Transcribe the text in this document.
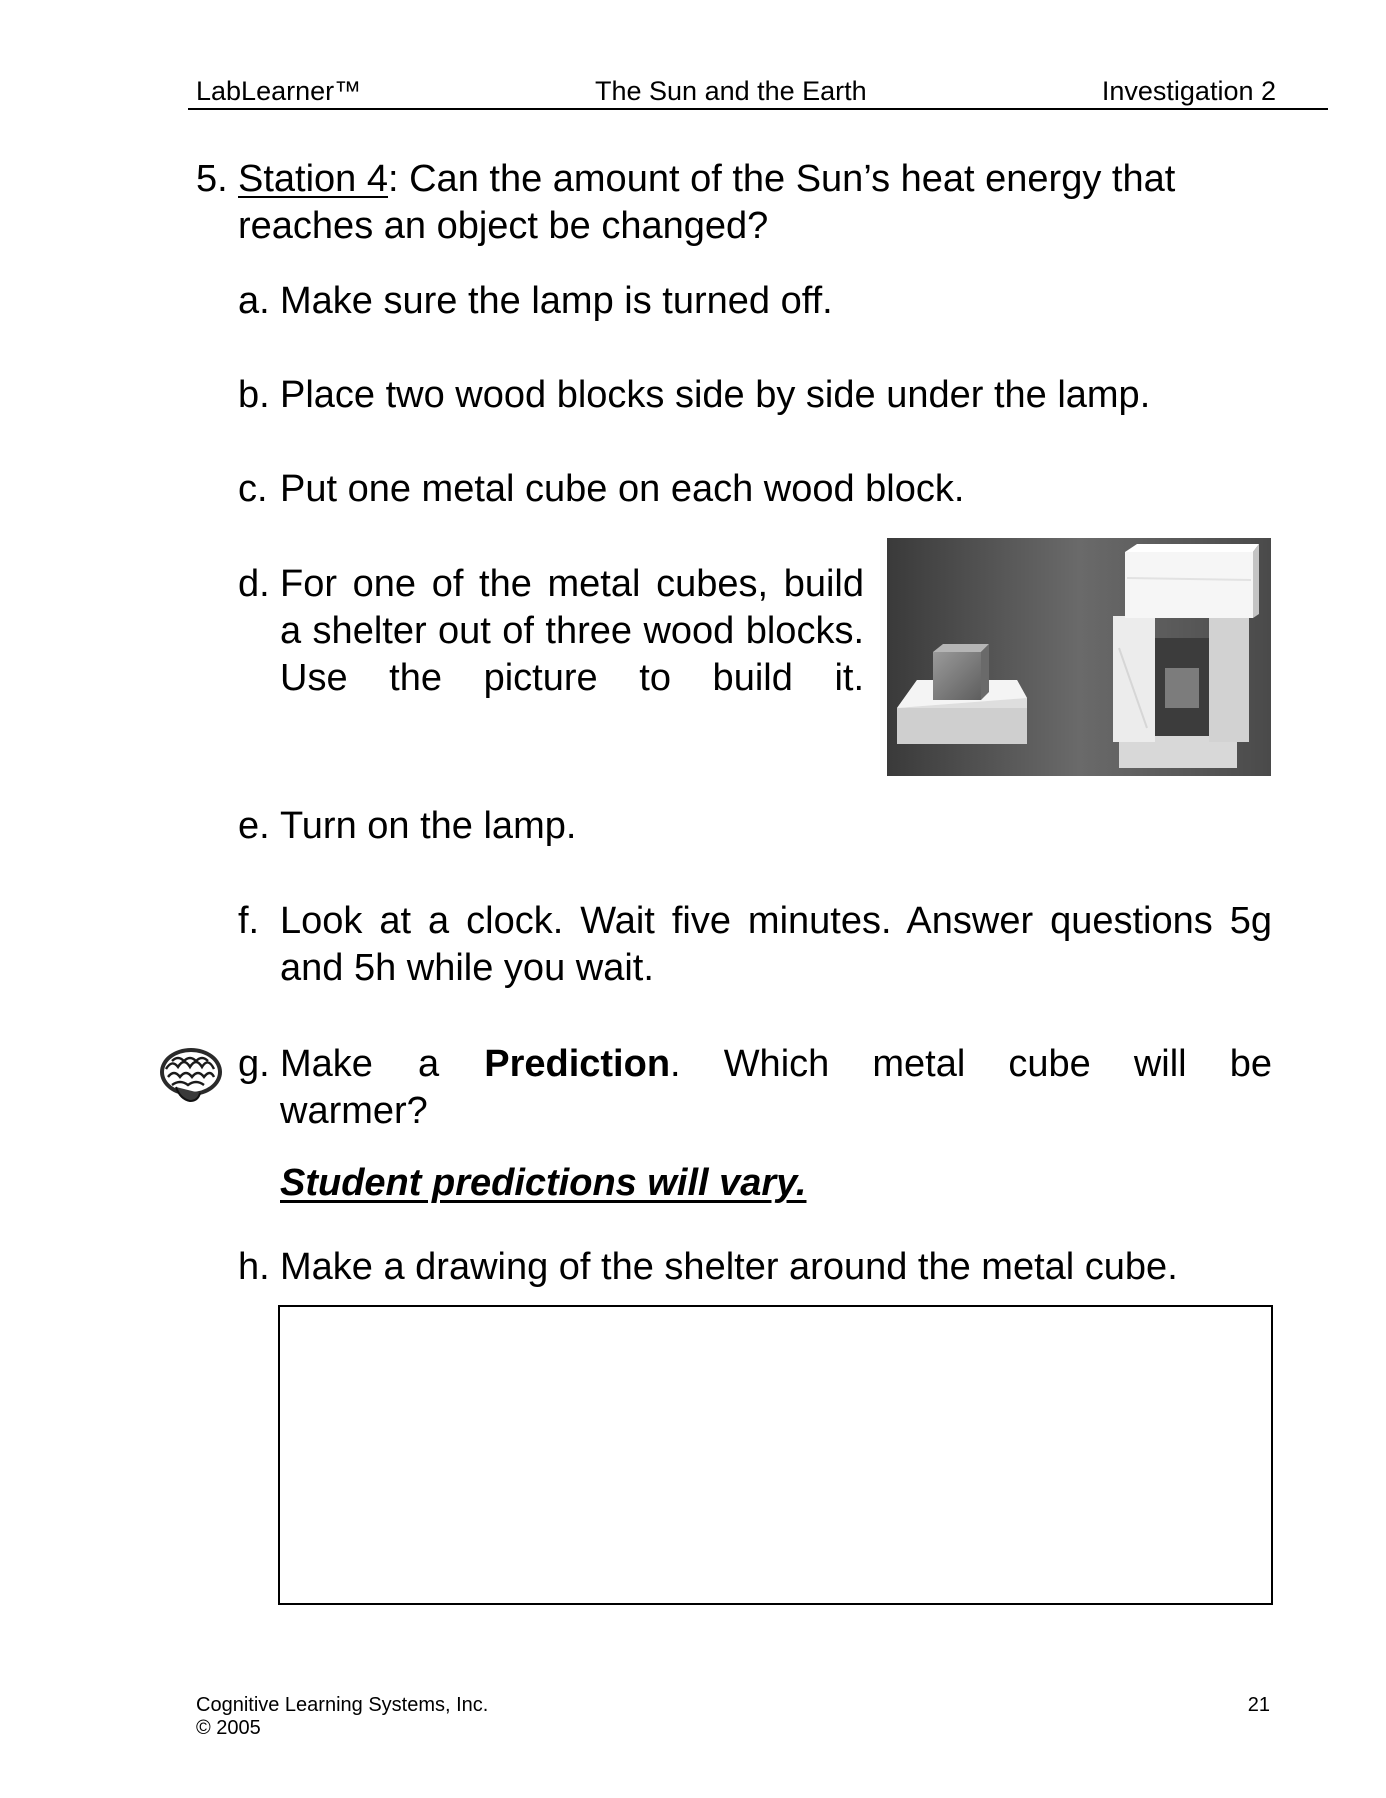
LabLearner™	The Sun and the Earth	Investigation 2
5. Station 4: Can the amount of the Sun’s heat energy that reaches an object be changed?
a. Make sure the lamp is turned off.
b. Place two wood blocks side by side under the lamp.
c. Put one metal cube on each wood block.
d. For one of the metal cubes, build a shelter out of three wood blocks. Use the picture to build it.
e. Turn on the lamp.
f. Look at a clock. Wait five minutes. Answer questions 5g and 5h while you wait.
g. Make a Prediction. Which metal cube will be warmer?
Student predictions will vary.
h. Make a drawing of the shelter around the metal cube.
Cognitive Learning Systems, Inc.
© 2005
21
